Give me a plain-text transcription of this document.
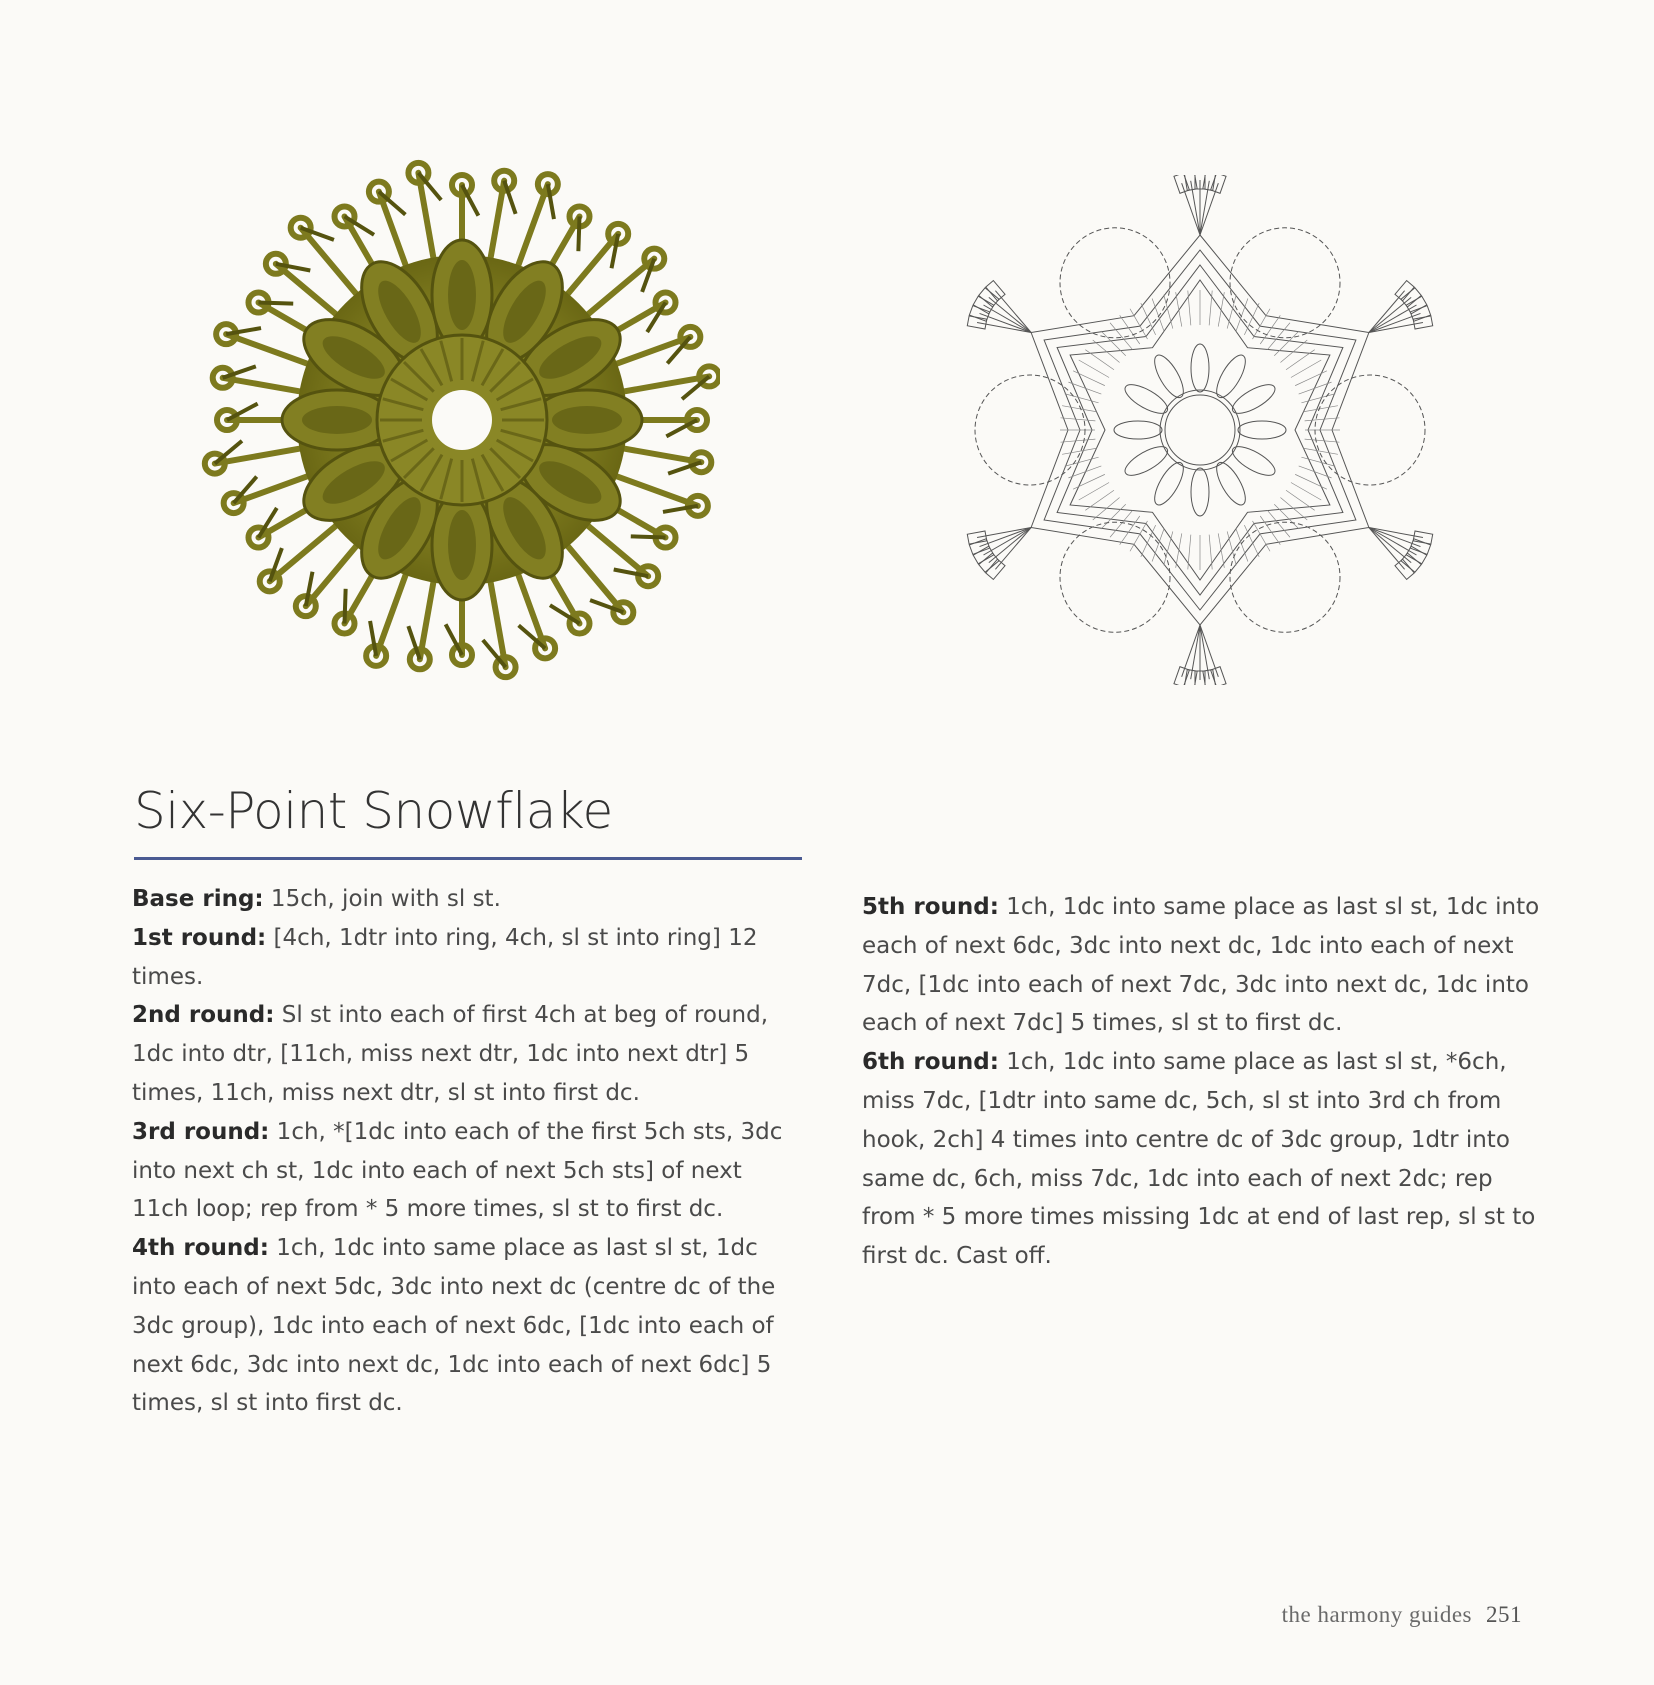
Six-Point Snowflake

Base ring: 15ch, join with sl st.

1st round: [4ch, 1dtr into ring, 4ch, sl st into ring] 12 times.

2nd round: Sl st into each of first 4ch at beg of round, 1dc into dtr, [11ch, miss next dtr, 1dc into next dtr] 5 times, 11ch, miss next dtr, sl st into first dc.

3rd round: 1ch, *[1dc into each of the first 5ch sts, 3dc into next ch st, 1dc into each of next 5ch sts] of next 11ch loop; rep from * 5 more times, sl st to first dc.

4th round: 1ch, 1dc into same place as last sl st, 1dc into each of next 5dc, 3dc into next dc (centre dc of the 3dc group), 1dc into each of next 6dc, [1dc into each of next 6dc, 3dc into next dc, 1dc into each of next 6dc] 5 times, sl st into first dc.

5th round: 1ch, 1dc into same place as last sl st, 1dc into each of next 6dc, 3dc into next dc, 1dc into each of next 7dc, [1dc into each of next 7dc, 3dc into next dc, 1dc into each of next 7dc] 5 times, sl st to first dc.

6th round: 1ch, 1dc into same place as last sl st, *6ch, miss 7dc, [1dtr into same dc, 5ch, sl st into 3rd ch from hook, 2ch] 4 times into centre dc of 3dc group, 1dtr into same dc, 6ch, miss 7dc, 1dc into each of next 2dc; rep from * 5 more times missing 1dc at end of last rep, sl st to first dc. Cast off.

the harmony guides 251
